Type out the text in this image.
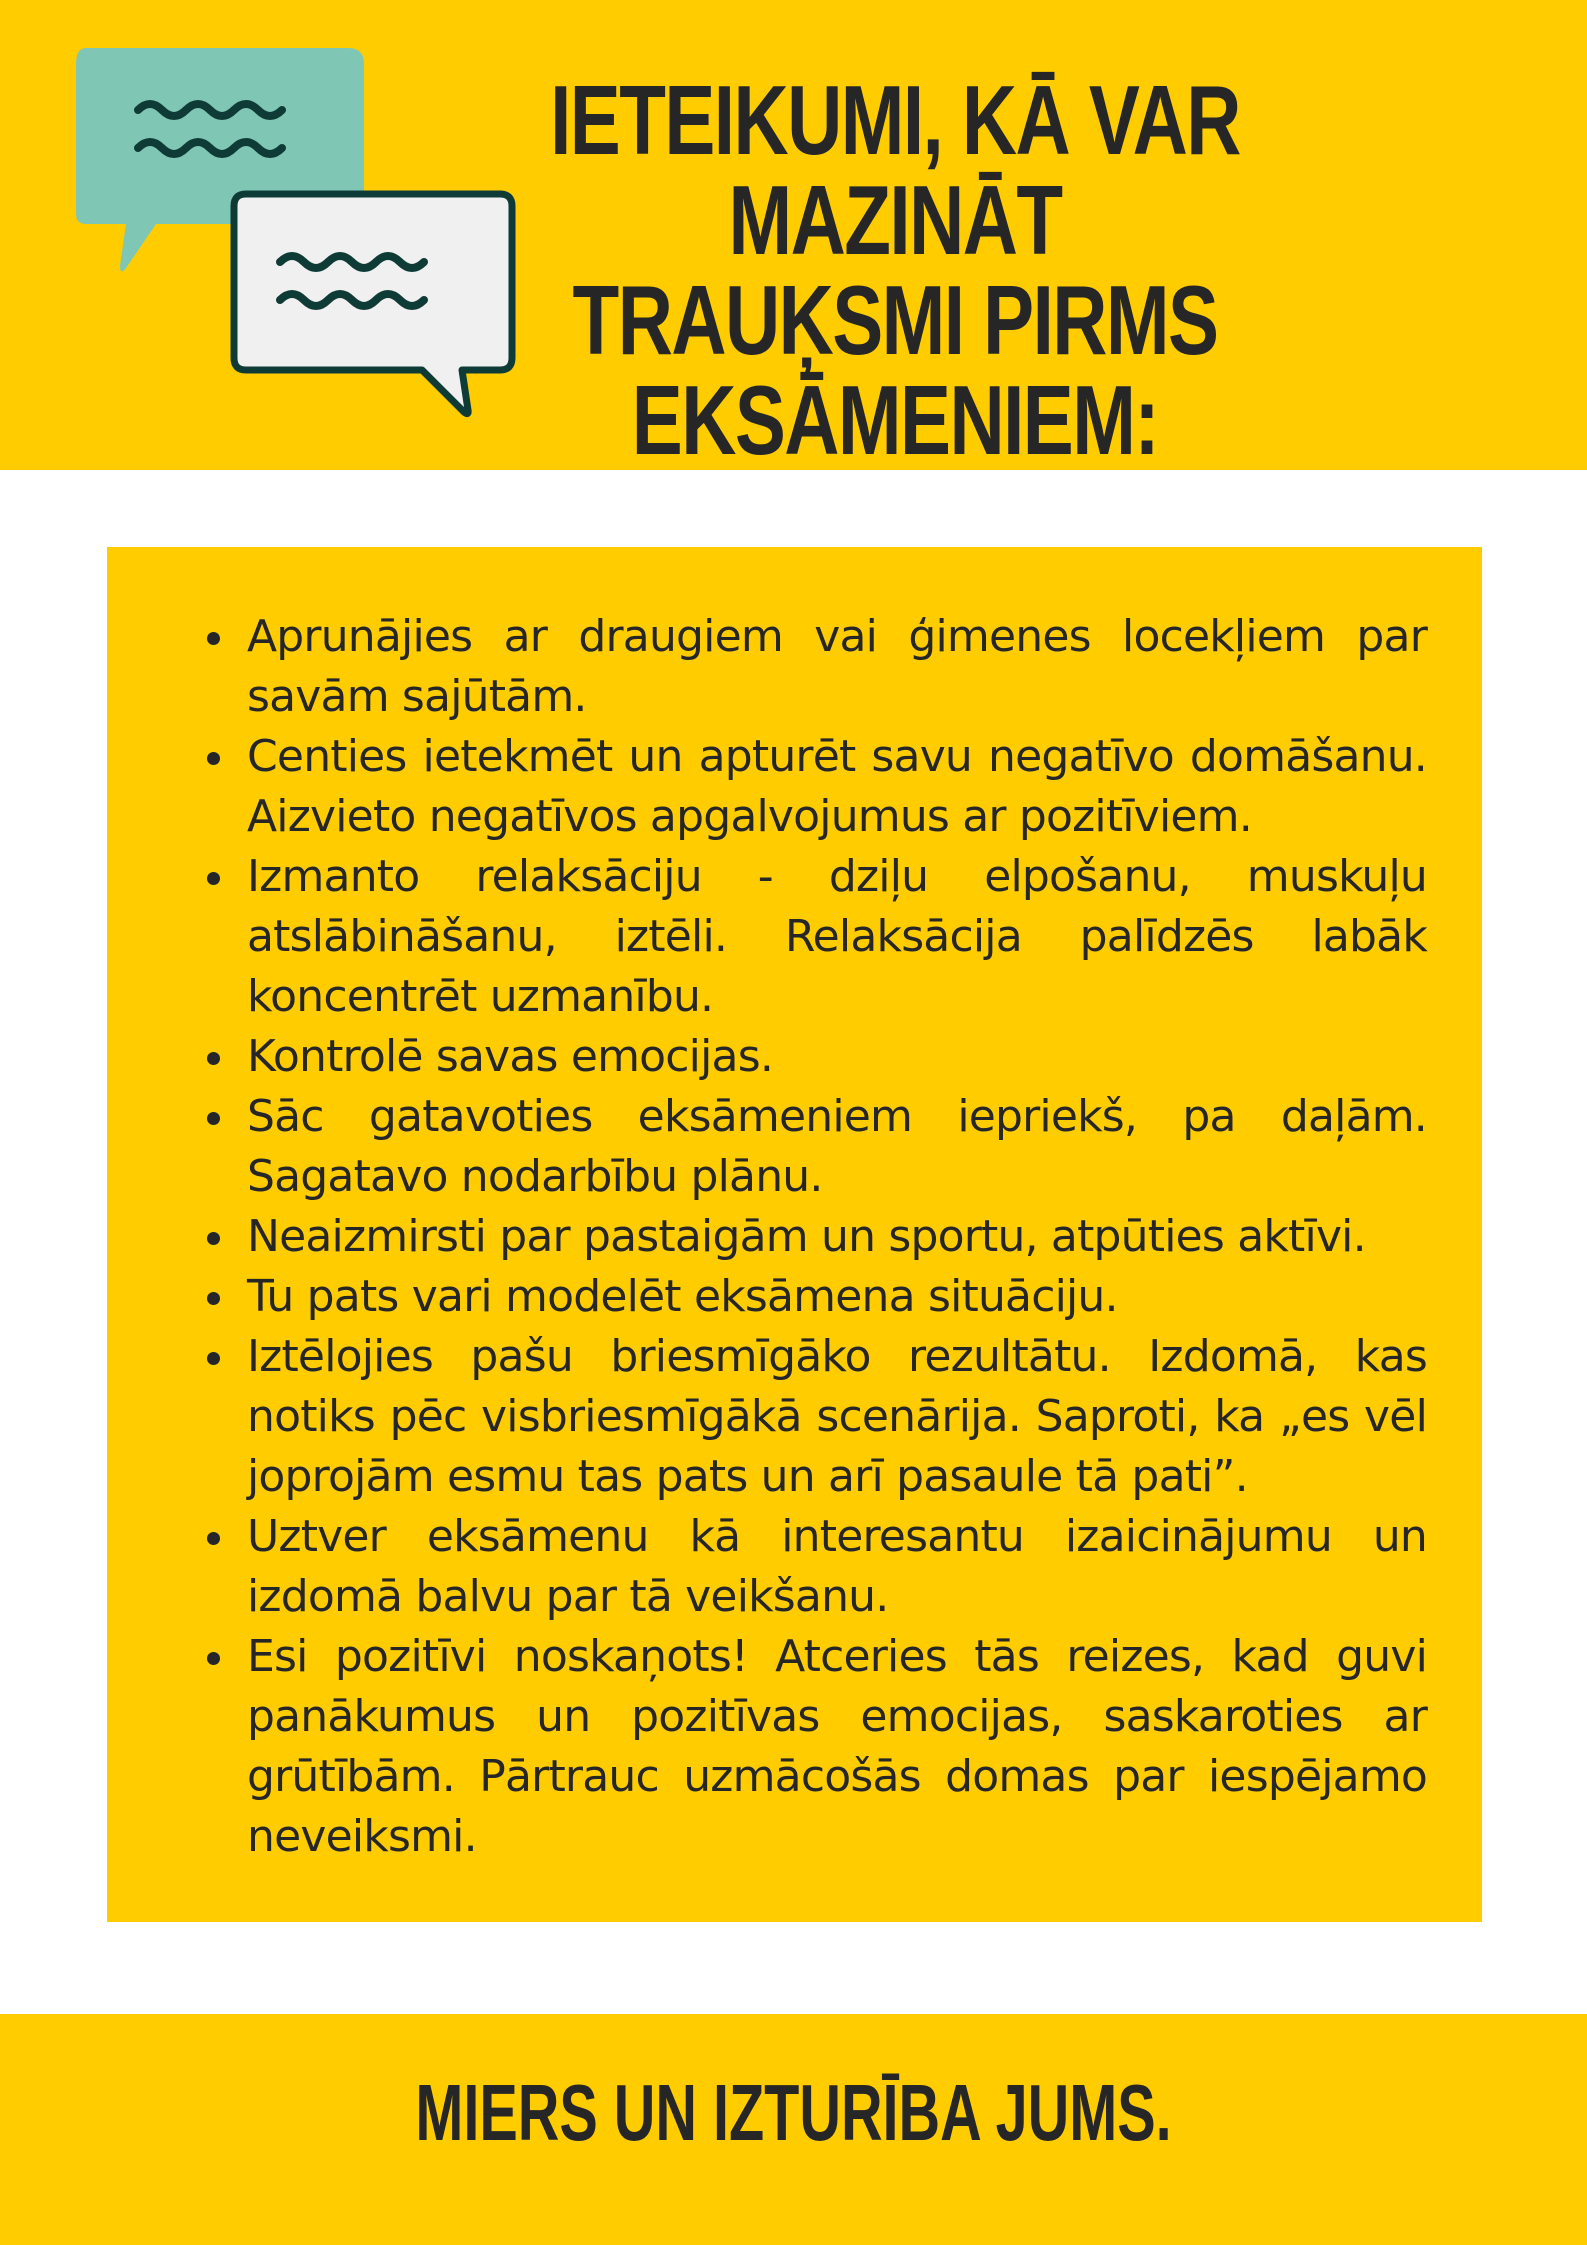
IETEIKUMI, KĀ VAR MAZINĀT TRAUĶSMI PIRMS EKSĀMENIEM:
Aprunājies ar draugiem vai ģimenes locekļiem par savām sajūtām.
Centies ietekmēt un apturēt savu negatīvo domāšanu. Aizvieto negatīvos apgalvojumus ar pozitīviem.
Izmanto relaksāciju - dziļu elpošanu, muskuļu atslābināšanu, iztēli. Relaksācija palīdzēs labāk koncentrēt uzmanību.
Kontrolē savas emocijas.
Sāc gatavoties eksāmeniem iepriekš, pa daļām. Sagatavo nodarbību plānu.
Neaizmirsti par pastaigām un sportu, atpūties aktīvi.
Tu pats vari modelēt eksāmena situāciju.
Iztēlojies pašu briesmīgāko rezultātu. Izdomā, kas notiks pēc visbriesmīgākā scenārija. Saproti, ka „es vēl joprojām esmu tas pats un arī pasaule tā pati”.
Uztver eksāmenu kā interesantu izaicinājumu un izdomā balvu par tā veikšanu.
Esi pozitīvi noskaņots! Atceries tās reizes, kad guvi panākumus un pozitīvas emocijas, saskaroties ar grūtībām. Pārtrauc uzmācošās domas par iespējamo neveiksmi.

MIERS UN IZTURĪBA JUMS.
